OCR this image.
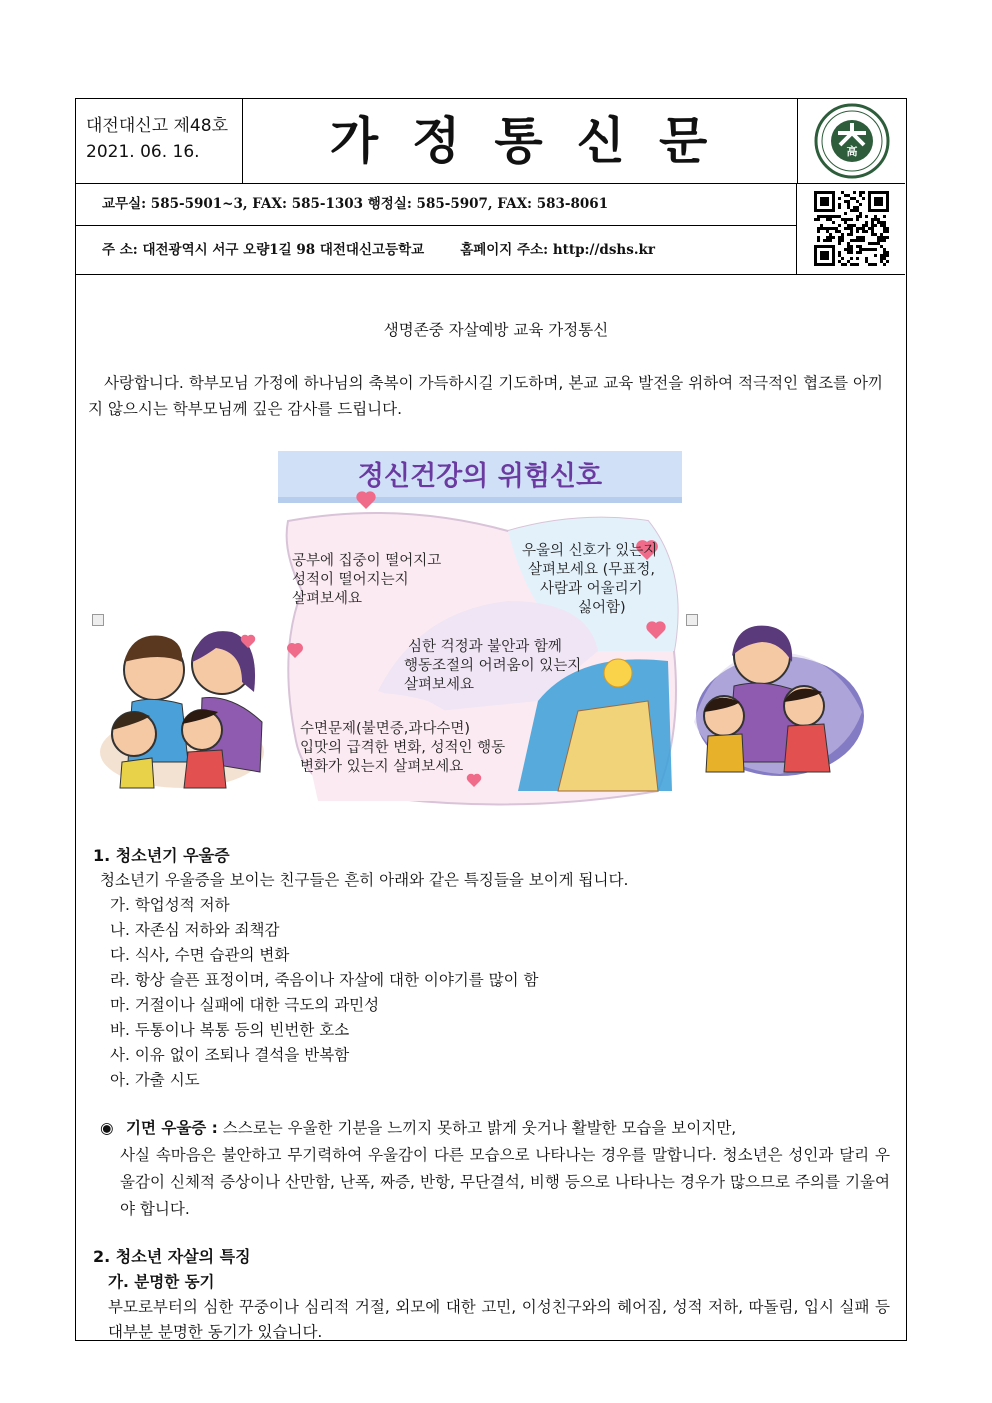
대전대신고 제48호
2021. 06. 16.	가정통신문	高
교무실: 585-5901~3, FAX: 585-1303 행정실: 585-5907, FAX: 583-8061
주 소: 대전광역시 서구 오량1길 98 대전대신고등학교	홈페이지 주소: http://dshs.kr
생명존중 자살예방 교육 가정통신
사랑합니다. 학부모님 가정에 하나님의 축복이 가득하시길 기도하며, 본교 교육 발전을 위하여 적극적인 협조를 아끼지 않으시는 학부모님께 깊은 감사를 드립니다.
정신건강의 위험신호
공부에 집중이 떨어지고
성적이 떨어지는지
살펴보세요
우울의 신호가 있는지
살펴보세요 (무표정,
사람과 어울리기
싫어함)
심한 걱정과 불안과 함께
행동조절의 어려움이 있는지
살펴보세요
수면문제(불면증,과다수면)
입맛의 급격한 변화, 성적인 행동
변화가 있는지 살펴보세요
1. 청소년기 우울증
청소년기 우울증을 보이는 친구들은 흔히 아래와 같은 특징들을 보이게 됩니다.
가. 학업성적 저하
나. 자존심 저하와 죄책감
다. 식사, 수면 습관의 변화
라. 항상 슬픈 표정이며, 죽음이나 자살에 대한 이야기를 많이 함
마. 거절이나 실패에 대한 극도의 과민성
바. 두통이나 복통 등의 빈번한 호소
사. 이유 없이 조퇴나 결석을 반복함
아. 가출 시도
◉ 기면 우울증 : 스스로는 우울한 기분을 느끼지 못하고 밝게 웃거나 활발한 모습을 보이지만,
사실 속마음은 불안하고 무기력하여 우울감이 다른 모습으로 나타나는 경우를 말합니다. 청소년은 성인과 달리 우울감이 신체적 증상이나 산만함, 난폭, 짜증, 반항, 무단결석, 비행 등으로 나타나는 경우가 많으므로 주의를 기울여야 합니다.
2. 청소년 자살의 특징
가. 분명한 동기
부모로부터의 심한 꾸중이나 심리적 거절, 외모에 대한 고민, 이성친구와의 헤어짐, 성적 저하, 따돌림, 입시 실패 등 대부분 분명한 동기가 있습니다.
